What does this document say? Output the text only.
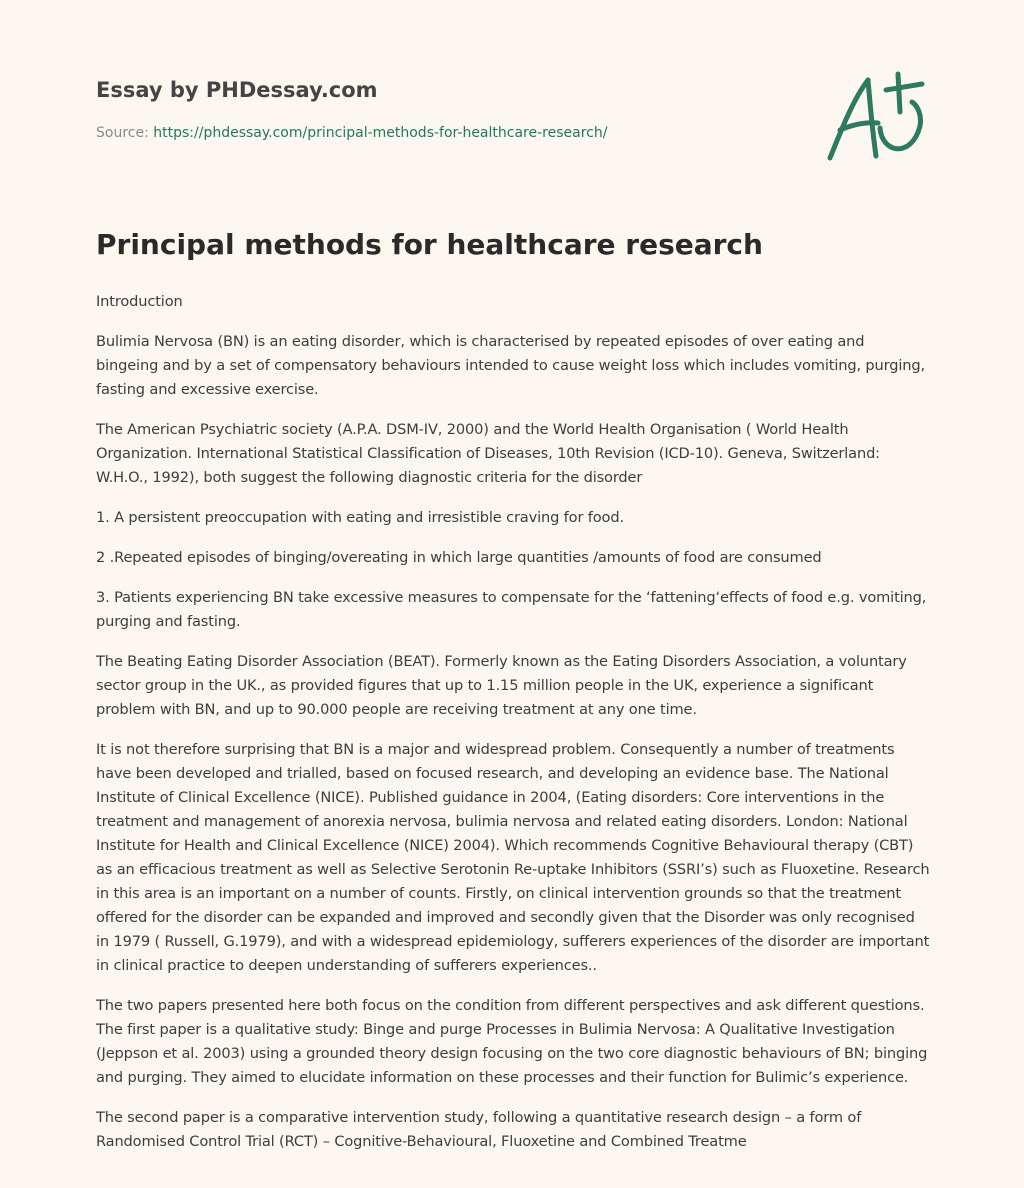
Essay by PHDessay.com
Source: https://phdessay.com/principal-methods-for-healthcare-research/
Principal methods for healthcare research

Introduction

Bulimia Nervosa (BN) is an eating disorder, which is characterised by repeated episodes of over eating and bingeing and by a set of compensatory behaviours intended to cause weight loss which includes vomiting, purging, fasting and excessive exercise.

The American Psychiatric society (A.P.A. DSM-IV, 2000) and the World Health Organisation ( World Health Organization. International Statistical Classification of Diseases, 10th Revision (ICD-10). Geneva, Switzerland: W.H.O., 1992), both suggest the following diagnostic criteria for the disorder

1. A persistent preoccupation with eating and irresistible craving for food.

2 .Repeated episodes of binging/overeating in which large quantities /amounts of food are consumed

3. Patients experiencing BN take excessive measures to compensate for the ‘fattening‘effects of food e.g. vomiting, purging and fasting.

The Beating Eating Disorder Association (BEAT). Formerly known as the Eating Disorders Association, a voluntary sector group in the UK., as provided figures that up to 1.15 million people in the UK, experience a significant problem with BN, and up to 90.000 people are receiving treatment at any one time.

It is not therefore surprising that BN is a major and widespread problem. Consequently a number of treatments have been developed and trialled, based on focused research, and developing an evidence base. The National Institute of Clinical Excellence (NICE). Published guidance in 2004, (Eating disorders: Core interventions in the treatment and management of anorexia nervosa, bulimia nervosa and related eating disorders. London: National Institute for Health and Clinical Excellence (NICE) 2004). Which recommends Cognitive Behavioural therapy (CBT) as an efficacious treatment as well as Selective Serotonin Re-uptake Inhibitors (SSRI’s) such as Fluoxetine. Research in this area is an important on a number of counts. Firstly, on clinical intervention grounds so that the treatment offered for the disorder can be expanded and improved and secondly given that the Disorder was only recognised in 1979 ( Russell, G.1979), and with a widespread epidemiology, sufferers experiences of the disorder are important in clinical practice to deepen understanding of sufferers experiences..

The two papers presented here both focus on the condition from different perspectives and ask different questions. The first paper is a qualitative study: Binge and purge Processes in Bulimia Nervosa: A Qualitative Investigation (Jeppson et al. 2003) using a grounded theory design focusing on the two core diagnostic behaviours of BN; binging and purging. They aimed to elucidate information on these processes and their function for Bulimic’s experience.

The second paper is a comparative intervention study, following a quantitative research design – a form of Randomised Control Trial (RCT) – Cognitive-Behavioural, Fluoxetine and Combined Treatme
